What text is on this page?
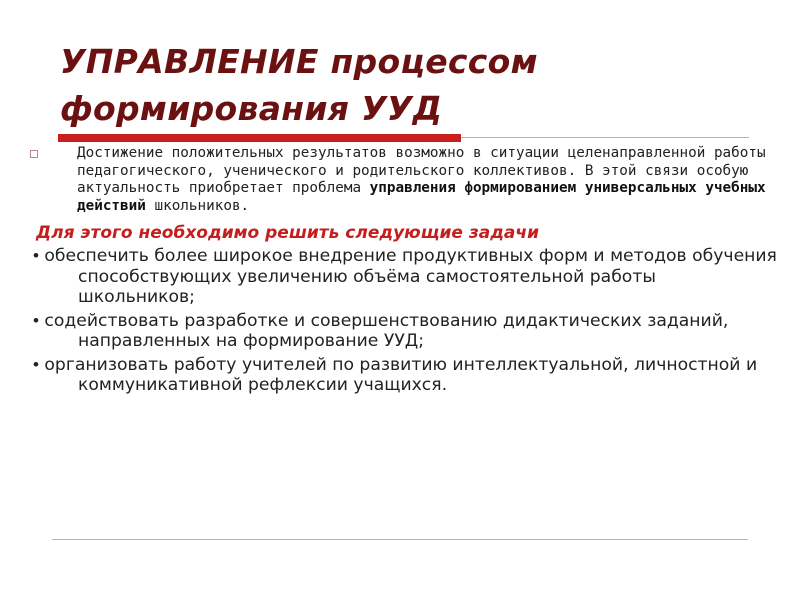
УПРАВЛЕНИЕ процессом
формирования УУД

Достижение положительных результатов возможно в ситуации целенаправленной работы педагогического, ученического и родительского коллективов. В этой связи особую актуальность приобретает проблема управления формированием универсальных учебных действий школьников.

Для этого необходимо решить следующие задачи

• обеспечить более широкое внедрение продуктивных форм и методов обучения способствующих увеличению объёма самостоятельной работы школьников;

• содействовать разработке и совершенствованию дидактических заданий, направленных на формирование УУД;

• организовать работу учителей по развитию интеллектуальной, личностной и коммуникативной рефлексии учащихся.
